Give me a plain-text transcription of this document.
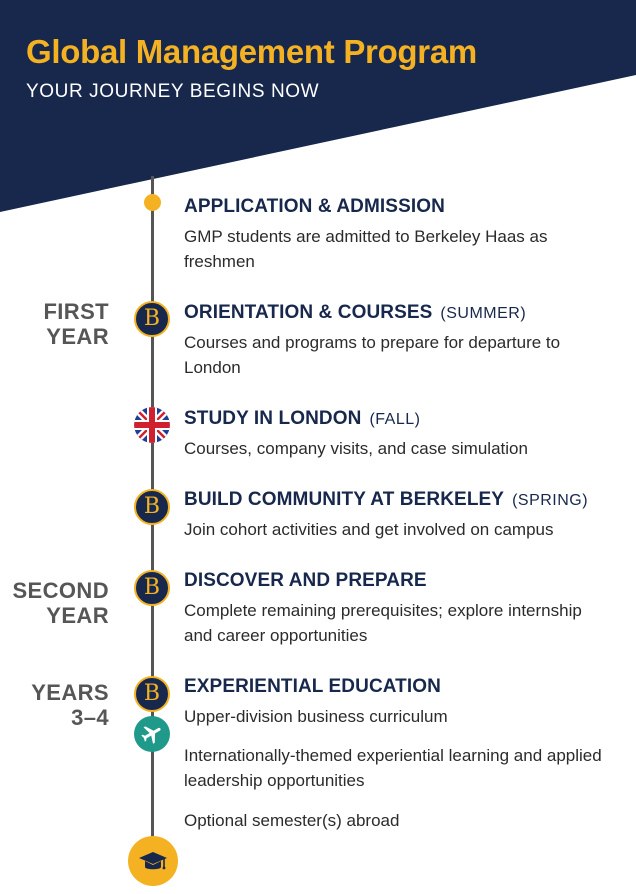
Global Management Program
YOUR JOURNEY BEGINS NOW
FIRST
YEAR
SECOND
YEAR
YEARS
3–4
B
B
B
B
APPLICATION & ADMISSION
GMP students are admitted to Berkeley Haas as freshmen
ORIENTATION & COURSES (SUMMER)
Courses and programs to prepare for departure to London
STUDY IN LONDON (FALL)
Courses, company visits, and case simulation
BUILD COMMUNITY AT BERKELEY (SPRING)
Join cohort activities and get involved on campus
DISCOVER AND PREPARE
Complete remaining prerequisites; explore internship and career opportunities
EXPERIENTIAL EDUCATION
Upper-division business curriculum
Internationally-themed experiential learning and applied leadership opportunities
Optional semester(s) abroad
